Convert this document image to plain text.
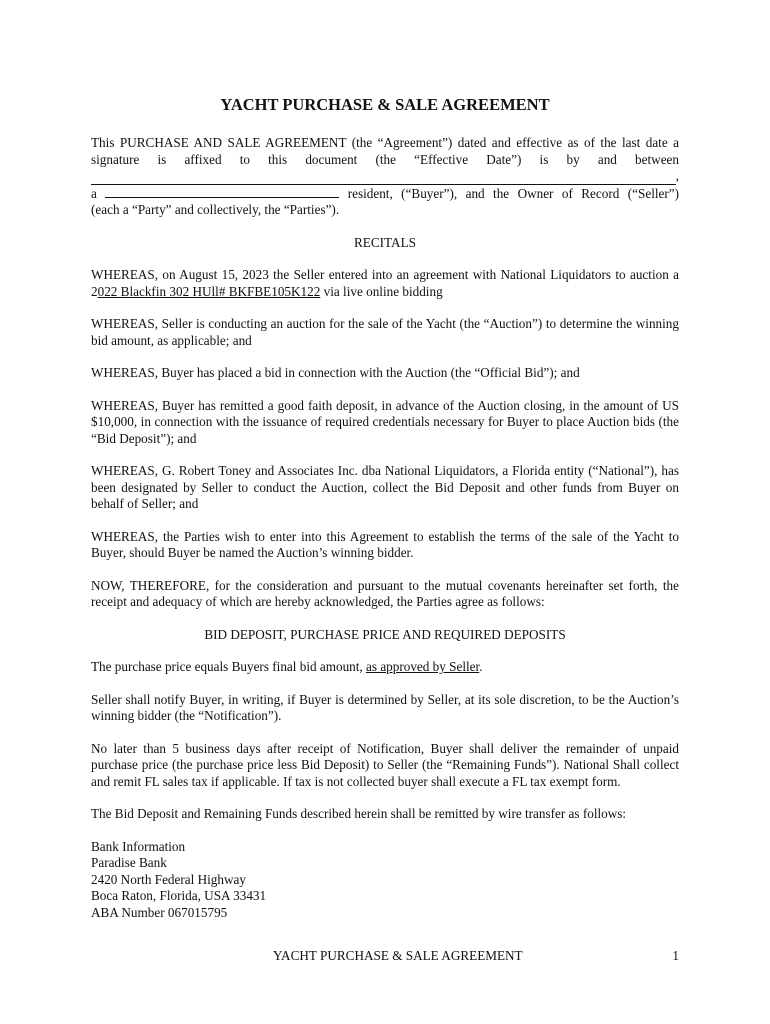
YACHT PURCHASE & SALE AGREEMENT
This PURCHASE AND SALE AGREEMENT (the “Agreement”) dated and effective as of the last date a signature is affixed to this document (the “Effective Date”) is by and between
,
a	resident, (“Buyer”), and the Owner of Record (“Seller”)
(each a “Party” and collectively, the “Parties”).
RECITALS

WHEREAS, on August 15, 2023 the Seller entered into an agreement with National Liquidators to auction a 2022 Blackfin 302 HUll# BKFBE105K122 via live online bidding

WHEREAS, Seller is conducting an auction for the sale of the Yacht (the “Auction”) to determine the winning bid amount, as applicable; and

WHEREAS, Buyer has placed a bid in connection with the Auction (the “Official Bid”); and

WHEREAS, Buyer has remitted a good faith deposit, in advance of the Auction closing, in the amount of US $10,000, in connection with the issuance of required credentials necessary for Buyer to place Auction bids (the “Bid Deposit”); and

WHEREAS, G. Robert Toney and Associates Inc. dba National Liquidators, a Florida entity (“National”), has been designated by Seller to conduct the Auction, collect the Bid Deposit and other funds from Buyer on behalf of Seller; and

WHEREAS, the Parties wish to enter into this Agreement to establish the terms of the sale of the Yacht to Buyer, should Buyer be named the Auction’s winning bidder.

NOW, THEREFORE, for the consideration and pursuant to the mutual covenants hereinafter set forth, the receipt and adequacy of which are hereby acknowledged, the Parties agree as follows:

BID DEPOSIT, PURCHASE PRICE AND REQUIRED DEPOSITS

The purchase price equals Buyers final bid amount, as approved by Seller.

Seller shall notify Buyer, in writing, if Buyer is determined by Seller, at its sole discretion, to be the Auction’s winning bidder (the “Notification”).

No later than 5 business days after receipt of Notification, Buyer shall deliver the remainder of unpaid purchase price (the purchase price less Bid Deposit) to Seller (the “Remaining Funds”). National Shall collect and remit FL sales tax if applicable. If tax is not collected buyer shall execute a FL tax exempt form.

The Bid Deposit and Remaining Funds described herein shall be remitted by wire transfer as follows:

Bank Information
Paradise Bank
2420 North Federal Highway
Boca Raton, Florida, USA 33431
ABA Number 067015795
YACHT PURCHASE & SALE AGREEMENT	1
